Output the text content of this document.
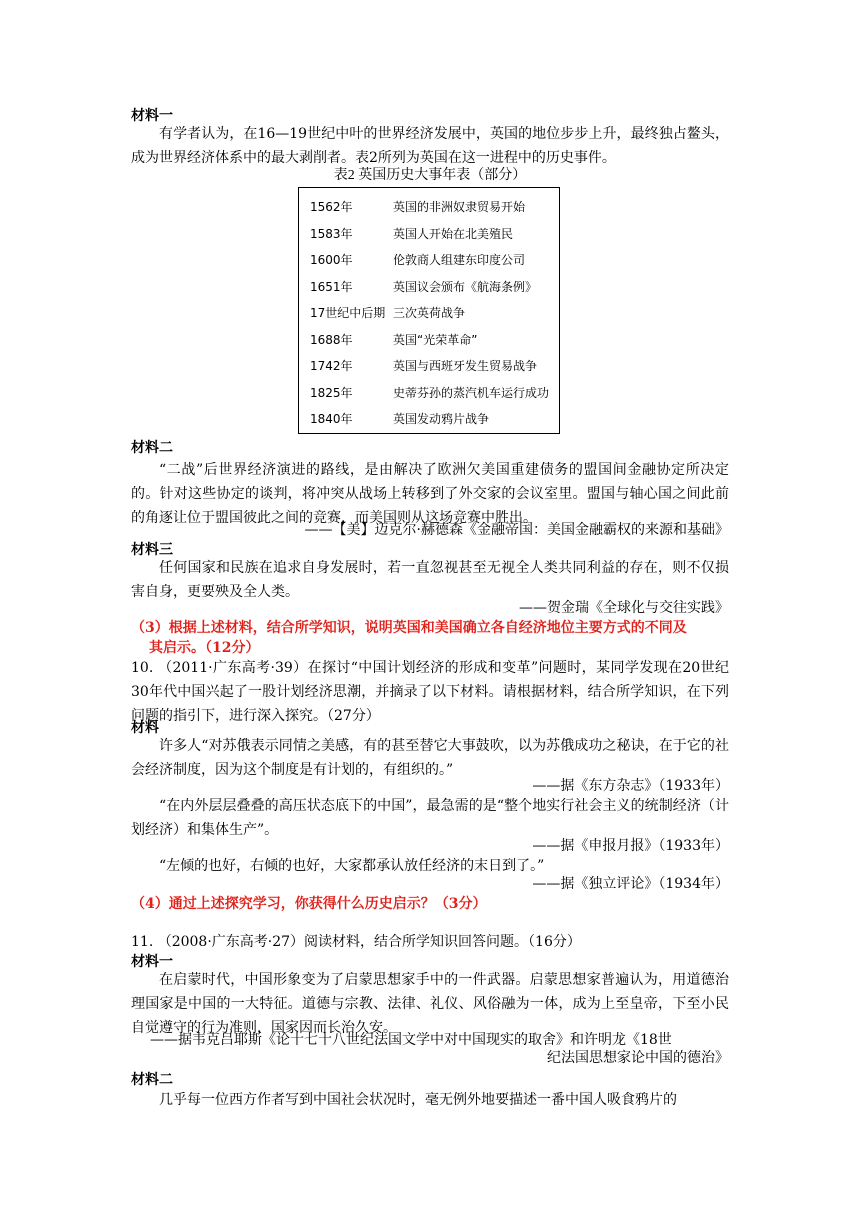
材料一
有学者认为，在16—19世纪中叶的世界经济发展中，英国的地位步步上升，最终独占鳌头，成为世界经济体系中的最大剥削者。表2所列为英国在这一进程中的历史事件。
表2 英国历史大事年表（部分）
1562年	英国的非洲奴隶贸易开始
1583年	英国人开始在北美殖民
1600年	伦敦商人组建东印度公司
1651年	英国议会颁布《航海条例》
17世纪中后期 三次英荷战争
1688年	英国“光荣革命”
1742年	英国与西班牙发生贸易战争
1825年	史蒂芬孙的蒸汽机车运行成功
1840年	英国发动鸦片战争
材料二
“二战”后世界经济演进的路线，是由解决了欧洲欠美国重建债务的盟国间金融协定所决定的。针对这些协定的谈判，将冲突从战场上转移到了外交家的会议室里。盟国与轴心国之间此前的角逐让位于盟国彼此之间的竞赛，而美国则从这场竞赛中胜出。
——【美】迈克尔·赫德森《金融帝国：美国金融霸权的来源和基础》
材料三
任何国家和民族在追求自身发展时，若一直忽视甚至无视全人类共同利益的存在，则不仅损害自身，更要殃及全人类。
——贺金瑞《全球化与交往实践》
（3）根据上述材料，结合所学知识，说明英国和美国确立各自经济地位主要方式的不同及
其启示。（12分）
10. （2011·广东高考·39）在探讨“中国计划经济的形成和变革”问题时，某同学发现在20世纪30年代中国兴起了一股计划经济思潮，并摘录了以下材料。请根据材料，结合所学知识，在下列问题的指引下，进行深入探究。（27分）
材料
许多人“对苏俄表示同情之美感，有的甚至替它大事鼓吹，以为苏俄成功之秘诀，在于它的社会经济制度，因为这个制度是有计划的，有组织的。”
——据《东方杂志》（1933年）
“在内外层层叠叠的高压状态底下的中国”，最急需的是“整个地实行社会主义的统制经济（计划经济）和集体生产”。
——据《申报月报》（1933年）
“左倾的也好，右倾的也好，大家都承认放任经济的末日到了。”
——据《独立评论》（1934年）
（4）通过上述探究学习，你获得什么历史启示？（3分）
11. （2008·广东高考·27）阅读材料，结合所学知识回答问题。（16分）
材料一
在启蒙时代，中国形象变为了启蒙思想家手中的一件武器。启蒙思想家普遍认为，用道德治理国家是中国的一大特征。道德与宗教、法律、礼仪、风俗融为一体，成为上至皇帝，下至小民自觉遵守的行为准则，国家因而长治久安。
——据韦克吕耶斯《论十七十八世纪法国文学中对中国现实的取舍》和许明龙《18世
纪法国思想家论中国的德治》
材料二
几乎每一位西方作者写到中国社会状况时，毫无例外地要描述一番中国人吸食鸦片的
